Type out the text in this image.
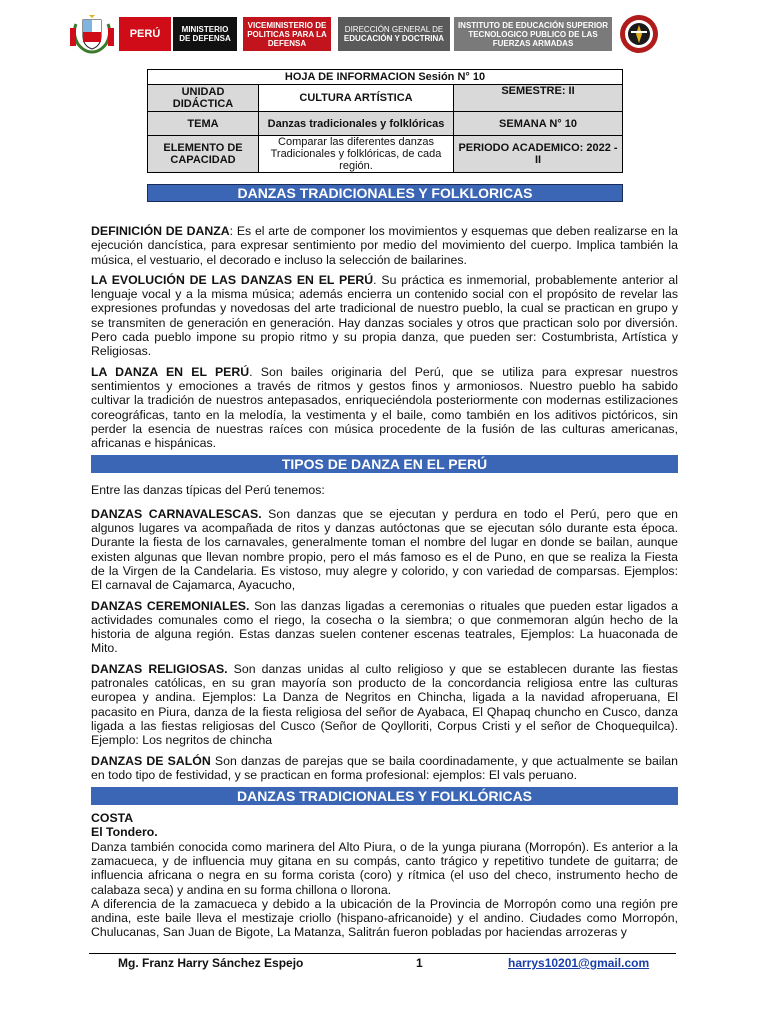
PERÚ	MINISTERIO DE DEFENSA
VICEMINISTERIO DE POLITICAS PARA LA DEFENSA
DIRECCIÓN GENERAL DE
EDUCACIÓN Y DOCTRINA
INSTITUTO DE EDUCACIÓN SUPERIOR TECNOLOGICO PUBLICO DE LAS FUERZAS ARMADAS
HOJA DE INFORMACION Sesión N° 10		
UNIDAD DIDÁCTICA	CULTURA ARTÍSTICA	SEMESTRE: II
TEMA	Danzas tradicionales y folklóricas	SEMANA N° 10
ELEMENTO DE CAPACIDAD	Comparar las diferentes danzas Tradicionales y folklóricas, de cada región.	PERIODO ACADEMICO: 2022 - II
DANZAS TRADICIONALES Y FOLKLORICAS

DEFINICIÓN DE DANZA: Es el arte de componer los movimientos y esquemas que deben realizarse en la ejecución dancística, para expresar sentimiento por medio del movimiento del cuerpo. Implica también la música, el vestuario, el decorado e incluso la selección de bailarines.

LA EVOLUCIÓN DE LAS DANZAS EN EL PERÚ. Su práctica es inmemorial, probablemente anterior al lenguaje vocal y a la misma música; además encierra un contenido social con el propósito de revelar las expresiones profundas y novedosas del arte tradicional de nuestro pueblo, la cual se practican en grupo y se transmiten de generación en generación. Hay danzas sociales y otros que practican solo por diversión. Pero cada pueblo impone su propio ritmo y su propia danza, que pueden ser: Costumbrista, Artística y Religiosas.

LA DANZA EN EL PERÚ. Son bailes originaria del Perú, que se utiliza para expresar nuestros sentimientos y emociones a través de ritmos y gestos finos y armoniosos. Nuestro pueblo ha sabido cultivar la tradición de nuestros antepasados, enriqueciéndola posteriormente con modernas estilizaciones coreográficas, tanto en la melodía, la vestimenta y el baile, como también en los aditivos pictóricos, sin perder la esencia de nuestras raíces con música procedente de la fusión de las culturas americanas, africanas e hispánicas.

TIPOS DE DANZA EN EL PERÚ

Entre las danzas típicas del Perú tenemos:

DANZAS CARNAVALESCAS. Son danzas que se ejecutan y perdura en todo el Perú, pero que en algunos lugares va acompañada de ritos y danzas autóctonas que se ejecutan sólo durante esta época. Durante la fiesta de los carnavales, generalmente toman el nombre del lugar en donde se bailan, aunque existen algunas que llevan nombre propio, pero el más famoso es el de Puno, en que se realiza la Fiesta de la Virgen de la Candelaria. Es vistoso, muy alegre y colorido, y con variedad de comparsas. Ejemplos: El carnaval de Cajamarca, Ayacucho,

DANZAS CEREMONIALES. Son las danzas ligadas a ceremonias o rituales que pueden estar ligados a actividades comunales como el riego, la cosecha o la siembra; o que conmemoran algún hecho de la historia de alguna región. Estas danzas suelen contener escenas teatrales, Ejemplos: La huaconada de Mito.

DANZAS RELIGIOSAS. Son danzas unidas al culto religioso y que se establecen durante las fiestas patronales católicas, en su gran mayoría son producto de la concordancia religiosa entre las culturas europea y andina. Ejemplos: La Danza de Negritos en Chincha, ligada a la navidad afroperuana, El pacasito en Piura, danza de la fiesta religiosa del señor de Ayabaca, El Qhapaq chuncho en Cusco, danza ligada a las fiestas religiosas del Cusco (Señor de Qoylloriti, Corpus Cristi y el señor de Choquequilca). Ejemplo: Los negritos de chincha

DANZAS DE SALÓN Son danzas de parejas que se baila coordinadamente, y que actualmente se bailan en todo tipo de festividad, y se practican en forma profesional: ejemplos: El vals peruano.

DANZAS TRADICIONALES Y FOLKLÓRICAS
COSTA
El Tondero.

Danza también conocida como marinera del Alto Piura, o de la yunga piurana (Morropón). Es anterior a la zamacueca, y de influencia muy gitana en su compás, canto trágico y repetitivo tundete de guitarra; de influencia africana o negra en su forma corista (coro) y rítmica (el uso del checo, instrumento hecho de calabaza seca) y andina en su forma chillona o llorona.

A diferencia de la zamacueca y debido a la ubicación de la Provincia de Morropón como una región pre andina, este baile lleva el mestizaje criollo (hispano-africanoide) y el andino. Ciudades como Morropón, Chulucanas, San Juan de Bigote, La Matanza, Salitrán fueron pobladas por haciendas arrozeras y

Mg. Franz Harry Sánchez Espejo	1	harrys10201@gmail.com
